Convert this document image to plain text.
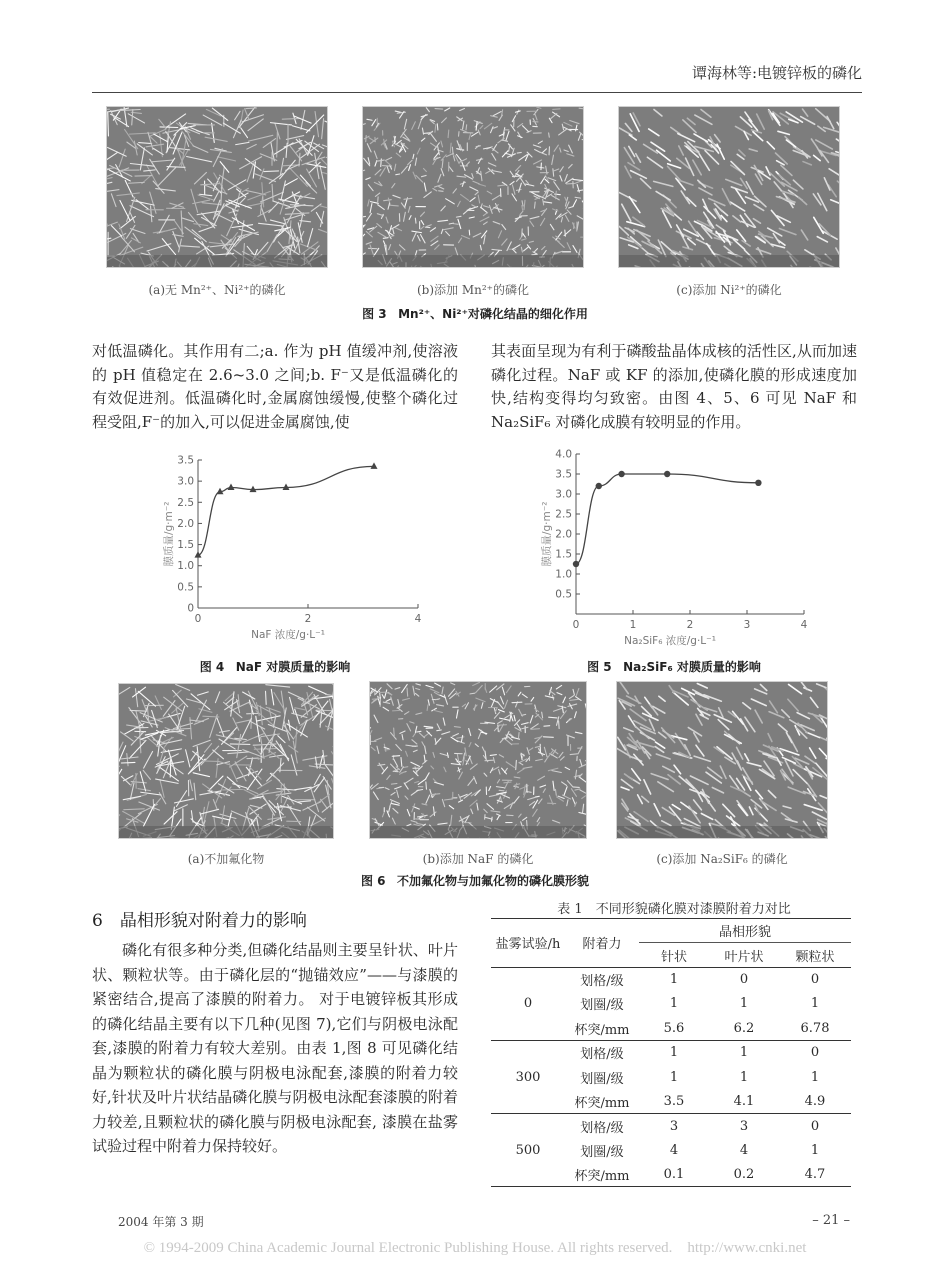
谭海林等:电镀锌板的磷化
(a)无 Mn²⁺、Ni²⁺的磷化	(b)添加 Mn²⁺的磷化	(c)添加 Ni²⁺的磷化
图 3 Mn²⁺、Ni²⁺对磷化结晶的细化作用
对低温磷化。其作用有二;a. 作为 pH 值缓冲剂,使溶液的 pH 值稳定在 2.6~3.0 之间;b. F⁻又是低温磷化的有效促进剂。低温磷化时,金属腐蚀缓慢,使整个磷化过程受阻,F⁻的加入,可以促进金属腐蚀,使
其表面呈现为有利于磷酸盐晶体成核的活性区,从而加速磷化过程。NaF 或 KF 的添加,使磷化膜的形成速度加快,结构变得均匀致密。由图 4、5、6 可见 NaF 和 Na₂SiF₆ 对磷化成膜有较明显的作用。
0
0.5
1.0
1.5
2.0
2.5
3.0
3.5
0	2	4
NaF 浓度/g·L⁻¹
膜质量/g·m⁻²
图 4 NaF 对膜质量的影响
0.5
1.0
1.5
2.0
2.5
3.0
3.5
4.0
0	1	2	3	4
Na₂SiF₆ 浓度/g·L⁻¹
膜质量/g·m⁻²
图 5 Na₂SiF₆ 对膜质量的影响
(a)不加氟化物	(b)添加 NaF 的磷化	(c)添加 Na₂SiF₆ 的磷化
图 6 不加氟化物与加氟化物的磷化膜形貌
6　晶相形貌对附着力的影响
磷化有很多种分类,但磷化结晶则主要呈针状、叶片状、颗粒状等。由于磷化层的“抛锚效应”——与漆膜的紧密结合,提高了漆膜的附着力。 对于电镀锌板其形成的磷化结晶主要有以下几种(见图 7),它们与阴极电泳配套,漆膜的附着力有较大差别。由表 1,图 8 可见磷化结晶为颗粒状的磷化膜与阴极电泳配套,漆膜的附着力较好,针状及叶片状结晶磷化膜与阴极电泳配套漆膜的附着力较差,且颗粒状的磷化膜与阴极电泳配套, 漆膜在盐雾试验过程中附着力保持较好。
表 1　不同形貌磷化膜对漆膜附着力对比
盐雾试验/h	附着力	晶相形貌		
		针状	叶片状	颗粒状
0	划格/级	1	0	0
	划圈/级	1	1	1
	杯突/mm	5.6	6.2	6.78
300	划格/级	1	1	0
	划圈/级	1	1	1
	杯突/mm	3.5	4.1	4.9
500	划格/级	3	3	0
	划圈/级	4	4	1
	杯突/mm	0.1	0.2	4.7
2004 年第 3 期	– 21 –
© 1994-2009 China Academic Journal Electronic Publishing House. All rights reserved.　http://www.cnki.net
